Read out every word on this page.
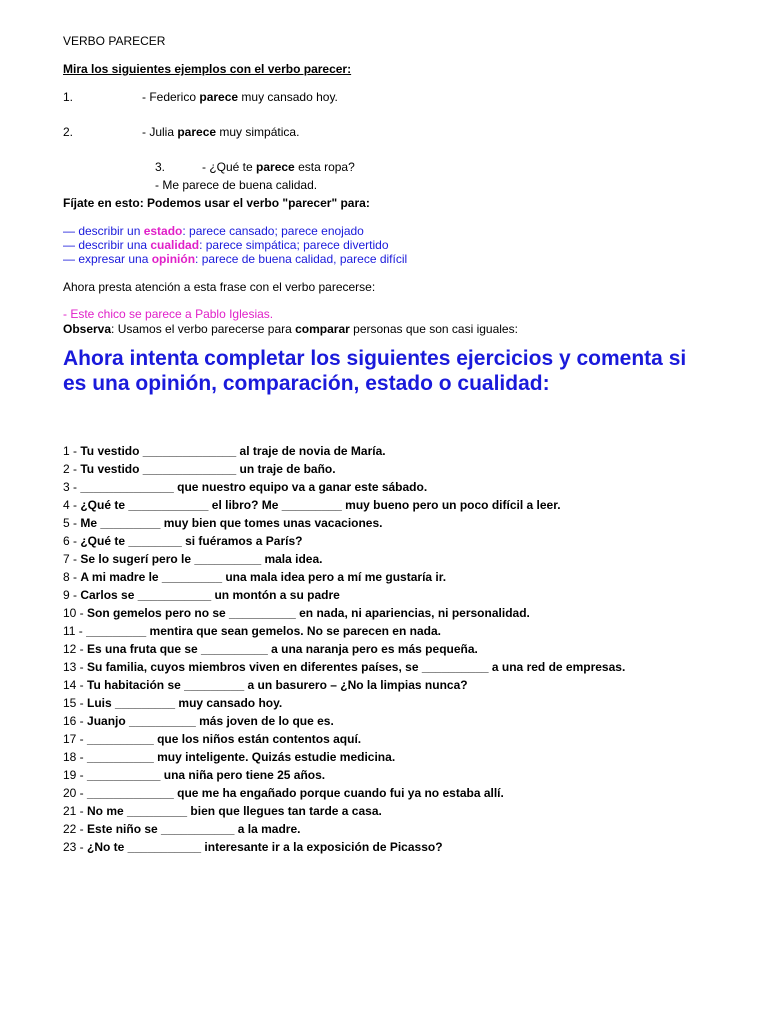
VERBO PARECER
Mira los siguientes ejemplos con el verbo parecer:
1.	- Federico parece muy cansado hoy.
2.	- Julia parece muy simpática.
3.	- ¿Qué te parece esta ropa?
- Me parece de buena calidad.
Fíjate en esto: Podemos usar el verbo "parecer" para:
— describir un estado: parece cansado; parece enojado
— describir una cualidad: parece simpática; parece divertido
— expresar una opinión: parece de buena calidad, parece difícil
Ahora presta atención a esta frase con el verbo parecerse:
- Este chico se parece a Pablo Iglesias.
Observa: Usamos el verbo parecerse para comparar personas que son casi iguales:
Ahora intenta completar los siguientes ejercicios y comenta si es una opinión, comparación, estado o cualidad:
1 - Tu vestido ______________ al traje de novia de María.
2 - Tu vestido ______________ un traje de baño.
3 - ______________ que nuestro equipo va a ganar este sábado.
4 - ¿Qué te ____________ el libro? Me _________ muy bueno pero un poco difícil a leer.
5 - Me _________ muy bien que tomes unas vacaciones.
6 - ¿Qué te ________ si fuéramos a París?
7 - Se lo sugerí pero le __________ mala idea.
8 - A mi madre le _________ una mala idea pero a mí me gustaría ir.
9 - Carlos se ___________ un montón a su padre
10 - Son gemelos pero no se __________ en nada, ni apariencias, ni personalidad.
11 - _________ mentira que sean gemelos. No se parecen en nada.
12 - Es una fruta que se __________ a una naranja pero es más pequeña.
13 - Su familia, cuyos miembros viven en diferentes países, se __________ a una red de empresas.
14 - Tu habitación se _________ a un basurero – ¿No la limpias nunca?
15 - Luis _________ muy cansado hoy.
16 - Juanjo __________ más joven de lo que es.
17 - __________ que los niños están contentos aquí.
18 - __________ muy inteligente. Quizás estudie medicina.
19 - ___________ una niña pero tiene 25 años.
20 - _____________ que me ha engañado porque cuando fui ya no estaba allí.
21 - No me _________ bien que llegues tan tarde a casa.
22 - Este niño se ___________ a la madre.
23 - ¿No te ___________ interesante ir a la exposición de Picasso?
